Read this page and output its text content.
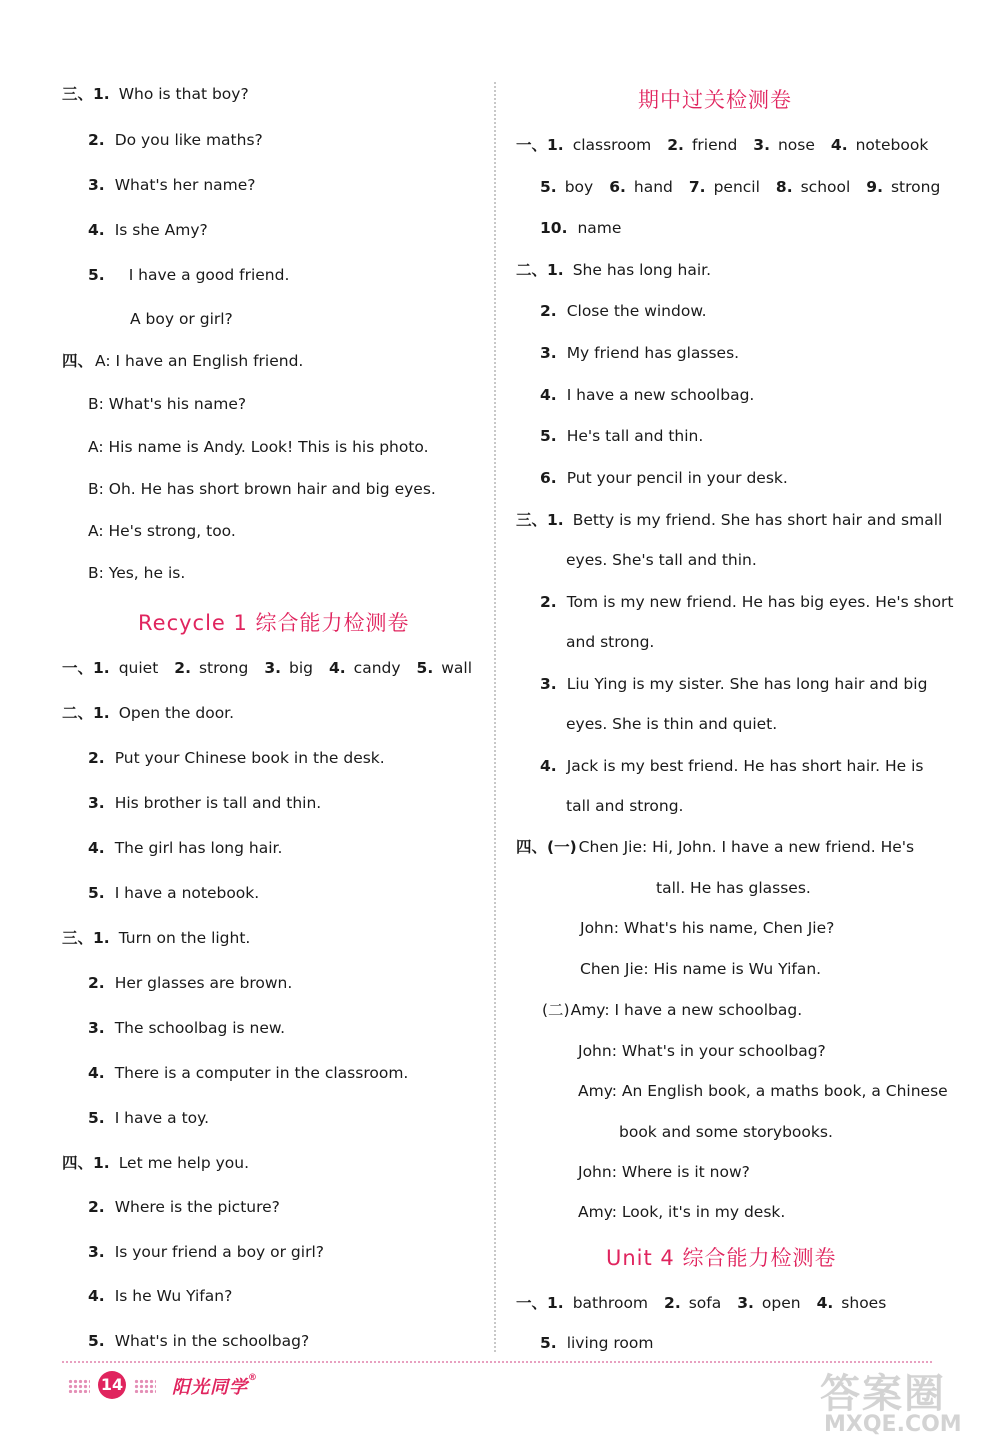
三、1. Who is that boy?
2. Do you like maths?
3. What's her name?
4. Is she Amy?
5. I have a good friend.
A boy or girl?
四、 A: I have an English friend.
B: What's his name?
A: His name is Andy. Look! This is his photo.
B: Oh. He has short brown hair and big eyes.
A: He's strong, too.
B: Yes, he is.
Recycle 1 综合能力检测卷
一、1. quiet 2. strong 3. big 4. candy 5. wall
二、1. Open the door.
2. Put your Chinese book in the desk.
3. His brother is tall and thin.
4. The girl has long hair.
5. I have a notebook.
三、1. Turn on the light.
2. Her glasses are brown.
3. The schoolbag is new.
4. There is a computer in the classroom.
5. I have a toy.
四、1. Let me help you.
2. Where is the picture?
3. Is your friend a boy or girl?
4. Is he Wu Yifan?
5. What's in the schoolbag?
期中过关检测卷
一、1. classroom 2. friend 3. nose 4. notebook
5. boy 6. hand 7. pencil 8. school 9. strong
10. name
二、1. She has long hair.
2. Close the window.
3. My friend has glasses.
4. I have a new schoolbag.
5. He's tall and thin.
6. Put your pencil in your desk.
三、1. Betty is my friend. She has short hair and small
eyes. She's tall and thin.
2. Tom is my new friend. He has big eyes. He's short
and strong.
3. Liu Ying is my sister. She has long hair and big
eyes. She is thin and quiet.
4. Jack is my best friend. He has short hair. He is
tall and strong.
四、(一) Chen Jie: Hi, John. I have a new friend. He's
tall. He has glasses.
John: What's his name, Chen Jie?
Chen Jie: His name is Wu Yifan.
(二)Amy: I have a new schoolbag.
John: What's in your schoolbag?
Amy: An English book, a maths book, a Chinese
book and some storybooks.
John: Where is it now?
Amy: Look, it's in my desk.
Unit 4 综合能力检测卷
一、1. bathroom 2. sofa 3. open 4. shoes
5. living room
14	阳光同学®	答案圈
MXQE.COM
